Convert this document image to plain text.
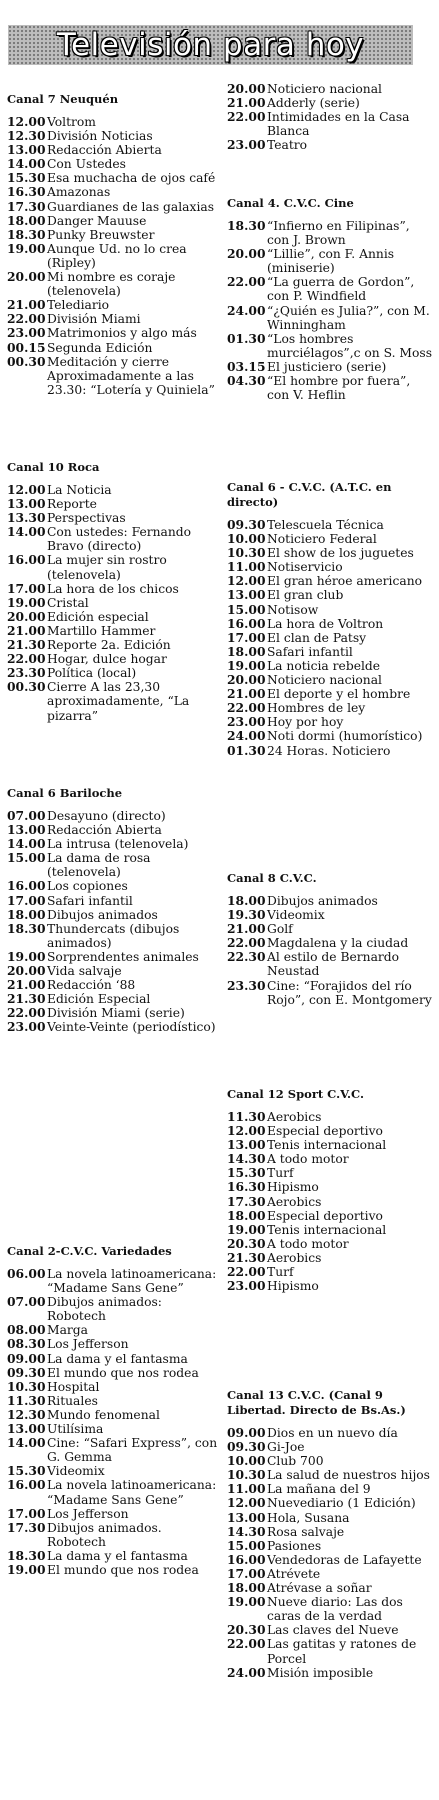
Televisión para hoy
Canal 7 Neuquén
12.00 Voltrom
12.30 División Noticias
13.00 Redacción Abierta
14.00 Con Ustedes
15.30 Esa muchacha de ojos café
16.30 Amazonas
17.30 Guardianes de las galaxias
18.00 Danger Mauuse
18.30 Punky Breuwster
19.00 Aunque Ud. no lo crea (Ripley)
20.00 Mi nombre es coraje (telenovela)
21.00 Telediario
22.00 División Miami
23.00 Matrimonios y algo más
00.15 Segunda Edición
00.30 Meditación y cierre Aproximadamente a las 23.30: “Lotería y Quiniela”
Canal 10 Roca
12.00 La Noticia
13.00 Reporte
13.30 Perspectivas
14.00 Con ustedes: Fernando Bravo (directo)
16.00 La mujer sin rostro (telenovela)
17.00 La hora de los chicos
19.00 Cristal
20.00 Edición especial
21.00 Martillo Hammer
21.30 Reporte 2a. Edición
22.00 Hogar, dulce hogar
23.30 Política (local)
00.30 Cierre A las 23,30 aproximadamente, “La pizarra”
Canal 6 Bariloche
07.00 Desayuno (directo)
13.00 Redacción Abierta
14.00 La intrusa (telenovela)
15.00 La dama de rosa (telenovela)
16.00 Los copiones
17.00 Safari infantil
18.00 Dibujos animados
18.30 Thundercats (dibujos animados)
19.00 Sorprendentes animales
20.00 Vida salvaje
21.00 Redacción ‘88
21.30 Edición Especial
22.00 División Miami (serie)
23.00 Veinte-Veinte (periodístico)
Canal 2-C.V.C. Variedades
06.00 La novela latinoamericana: “Madame Sans Gene”
07.00 Dibujos animados: Robotech
08.00 Marga
08.30 Los Jefferson
09.00 La dama y el fantasma
09.30 El mundo que nos rodea
10.30 Hospital
11.30 Rituales
12.30 Mundo fenomenal
13.00 Utilísima
14.00 Cine: “Safari Express”, con G. Gemma
15.30 Videomix
16.00 La novela latinoamericana: “Madame Sans Gene”
17.00 Los Jefferson
17.30 Dibujos animados. Robotech
18.30 La dama y el fantasma
19.00 El mundo que nos rodea
20.00 Noticiero nacional
21.00 Adderly (serie)
22.00 Intimidades en la Casa Blanca
23.00 Teatro
Canal 4. C.V.C. Cine
18.30 “Infierno en Filipinas”, con J. Brown
20.00 “Lillie”, con F. Annis (miniserie)
22.00 “La guerra de Gordon”, con P. Windfield
24.00 “¿Quién es Julia?”, con M. Winningham
01.30 “Los hombres murciélagos”,c on S. Moss
03.15 El justiciero (serie)
04.30 “El hombre por fuera”, con V. Heflin
Canal 6 - C.V.C. (A.T.C. en directo)
09.30 Telescuela Técnica
10.00 Noticiero Federal
10.30 El show de los juguetes
11.00 Notiservicio
12.00 El gran héroe americano
13.00 El gran club
15.00 Notisow
16.00 La hora de Voltron
17.00 El clan de Patsy
18.00 Safari infantil
19.00 La noticia rebelde
20.00 Noticiero nacional
21.00 El deporte y el hombre
22.00 Hombres de ley
23.00 Hoy por hoy
24.00 Noti dormi (humorístico)
01.30 24 Horas. Noticiero
Canal 8 C.V.C.
18.00 Dibujos animados
19.30 Videomix
21.00 Golf
22.00 Magdalena y la ciudad
22.30 Al estilo de Bernardo Neustad
23.30 Cine: “Forajidos del río Rojo”, con E. Montgomery
Canal 12 Sport C.V.C.
11.30 Aerobics
12.00 Especial deportivo
13.00 Tenis internacional
14.30 A todo motor
15.30 Turf
16.30 Hipismo
17.30 Aerobics
18.00 Especial deportivo
19.00 Tenis internacional
20.30 A todo motor
21.30 Aerobics
22.00 Turf
23.00 Hipismo
Canal 13 C.V.C. (Canal 9 Libertad. Directo de Bs.As.)
09.00 Dios en un nuevo día
09.30 Gi-Joe
10.00 Club 700
10.30 La salud de nuestros hijos
11.00 La mañana del 9
12.00 Nuevediario (1 Edición)
13.00 Hola, Susana
14.30 Rosa salvaje
15.00 Pasiones
16.00 Vendedoras de Lafayette
17.00 Atrévete
18.00 Atrévase a soñar
19.00 Nueve diario: Las dos caras de la verdad
20.30 Las claves del Nueve
22.00 Las gatitas y ratones de Porcel
24.00 Misión imposible
